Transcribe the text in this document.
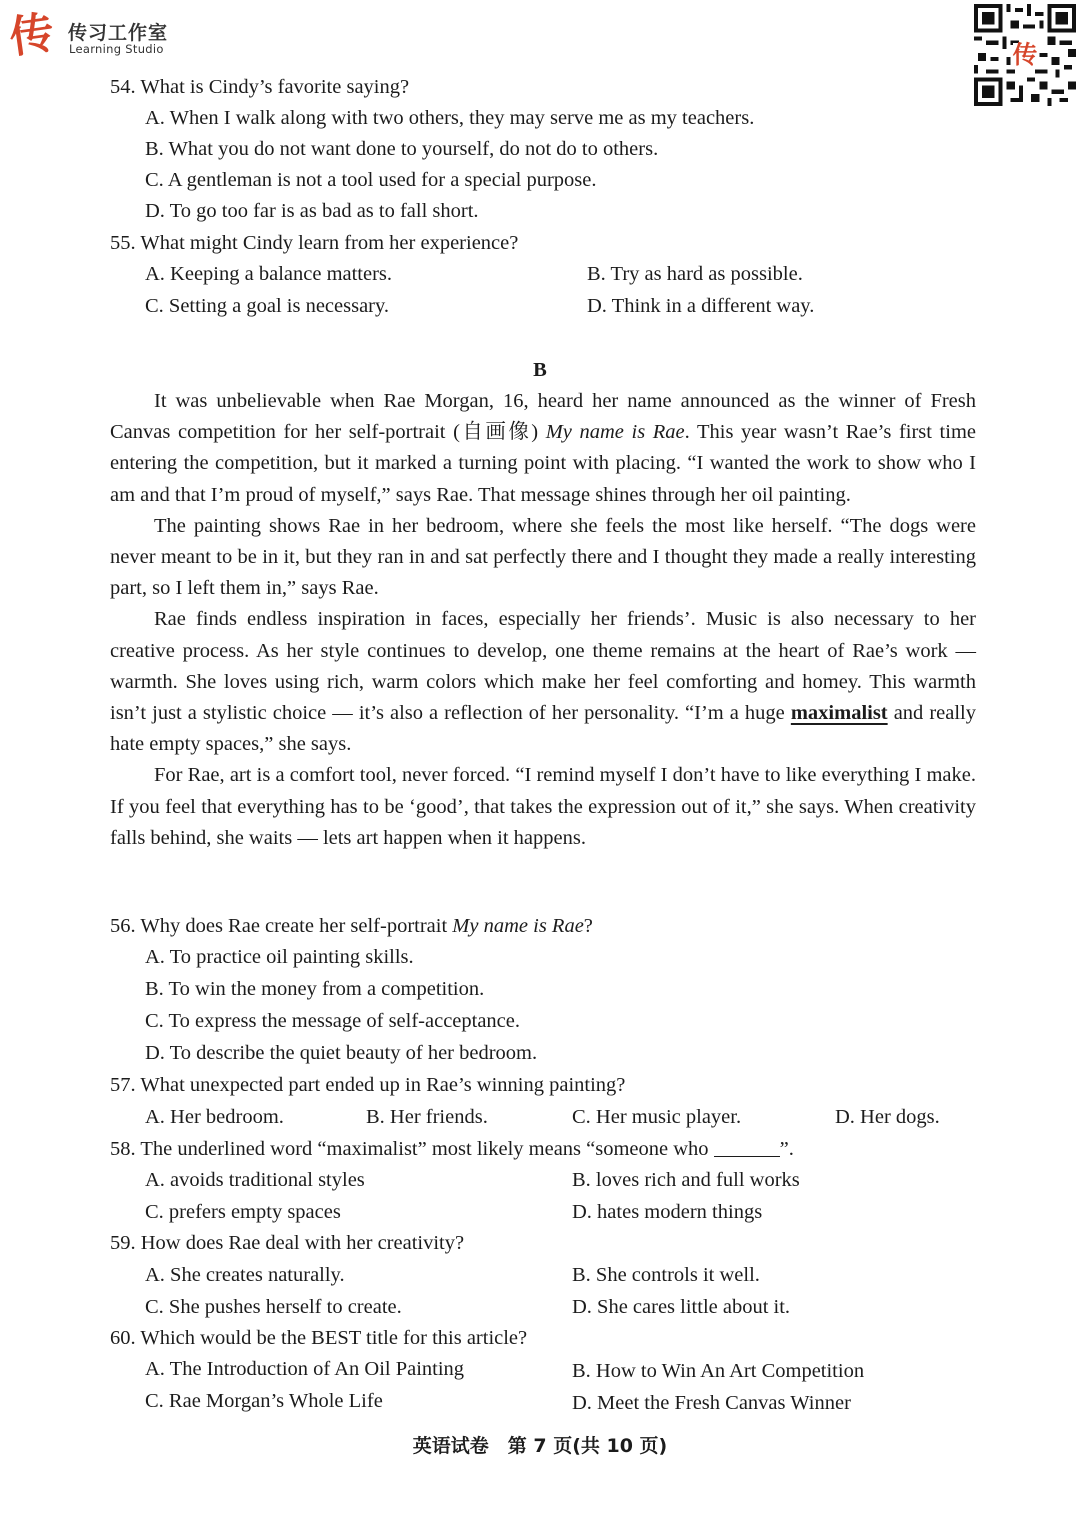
传 传习工作室
Learning Studio	传
54. What is Cindy’s favorite saying?
A. When I walk along with two others, they may serve me as my teachers.
B. What you do not want done to yourself, do not do to others.
C. A gentleman is not a tool used for a special purpose.
D. To go too far is as bad as to fall short.
55. What might Cindy learn from her experience?
A. Keeping a balance matters.	B. Try as hard as possible.
C. Setting a goal is necessary.	D. Think in a different way.
B

It was unbelievable when Rae Morgan, 16, heard her name announced as the winner of Fresh Canvas competition for her self-portrait (自画像) My name is Rae. This year wasn’t Rae’s first time entering the competition, but it marked a turning point with placing. “I wanted the work to show who I am and that I’m proud of myself,” says Rae. That message shines through her oil painting.

The painting shows Rae in her bedroom, where she feels the most like herself. “The dogs were never meant to be in it, but they ran in and sat perfectly there and I thought they made a really interesting part, so I left them in,” says Rae.

Rae finds endless inspiration in faces, especially her friends’. Music is also necessary to her creative process. As her style continues to develop, one theme remains at the heart of Rae’s work — warmth. She loves using rich, warm colors which make her feel comforting and homey. This warmth isn’t just a stylistic choice — it’s also a reflection of her personality. “I’m a huge maximalist and really hate empty spaces,” she says.

For Rae, art is a comfort tool, never forced. “I remind myself I don’t have to like everything I make. If you feel that everything has to be ‘good’, that takes the expression out of it,” she says. When creativity falls behind, she waits — lets art happen when it happens.

56. Why does Rae create her self-portrait My name is Rae?
A. To practice oil painting skills.
B. To win the money from a competition.
C. To express the message of self-acceptance.
D. To describe the quiet beauty of her bedroom.
57. What unexpected part ended up in Rae’s winning painting?
A. Her bedroom.	B. Her friends.	C. Her music player.	D. Her dogs.
58. The underlined word “maximalist” most likely means “someone who	”.
A. avoids traditional styles	B. loves rich and full works
C. prefers empty spaces	D. hates modern things
59. How does Rae deal with her creativity?
A. She creates naturally.	B. She controls it well.
C. She pushes herself to create.	D. She cares little about it.
60. Which would be the BEST title for this article?
A. The Introduction of An Oil Painting	B. How to Win An Art Competition
C. Rae Morgan’s Whole Life	D. Meet the Fresh Canvas Winner
英语试卷　第 7 页(共 10 页)
